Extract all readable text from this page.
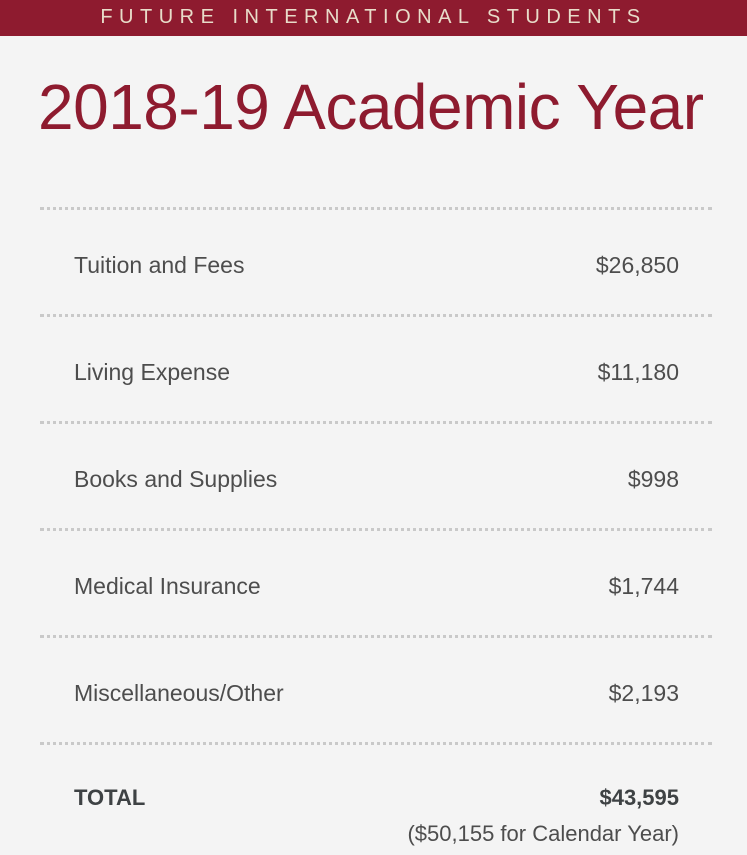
FUTURE INTERNATIONAL STUDENTS
2018-19 Academic Year
Tuition and Fees	$26,850
Living Expense	$11,180
Books and Supplies	$998
Medical Insurance	$1,744
Miscellaneous/Other	$2,193
TOTAL	$43,595
($50,155 for Calendar Year)
